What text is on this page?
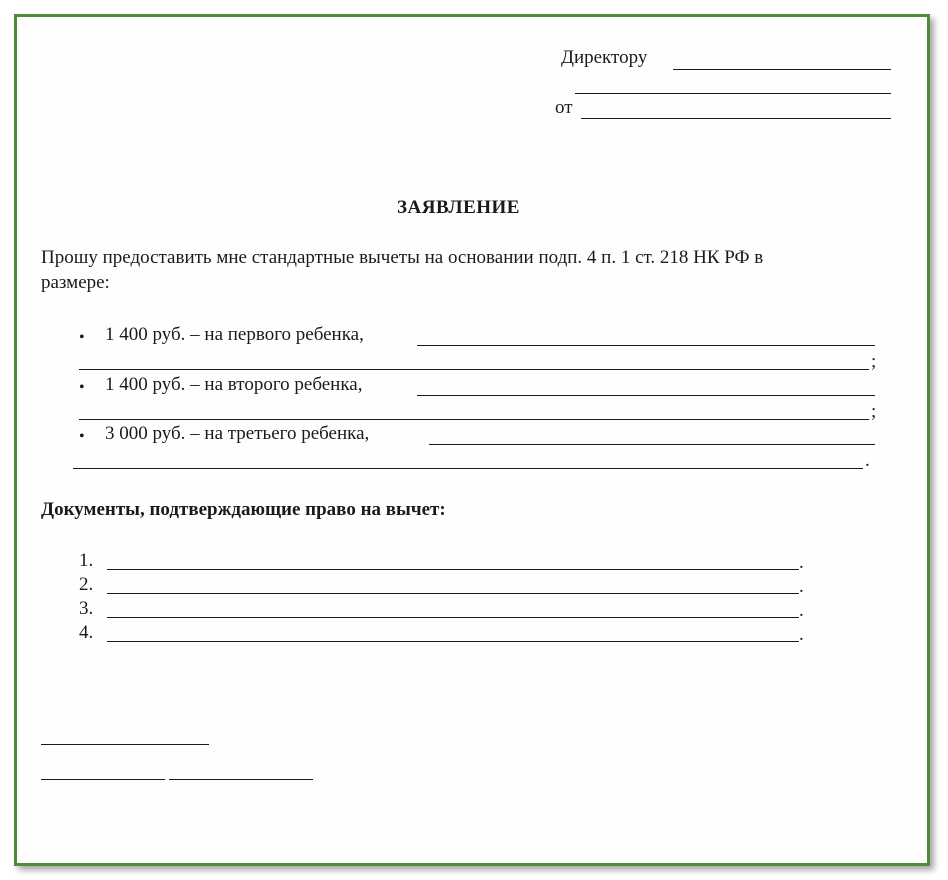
Директору
от
ЗАЯВЛЕНИЕ
Прошу предоставить мне стандартные вычеты на основании подп. 4 п. 1 ст. 218 НК РФ в
размере:
• 1 400 руб. – на первого ребенка,
;
• 1 400 руб. – на второго ребенка,
;
• 3 000 руб. – на третьего ребенка,
.
Документы, подтверждающие право на вычет:
1.	.
2.	.
3.	.
4.	.
